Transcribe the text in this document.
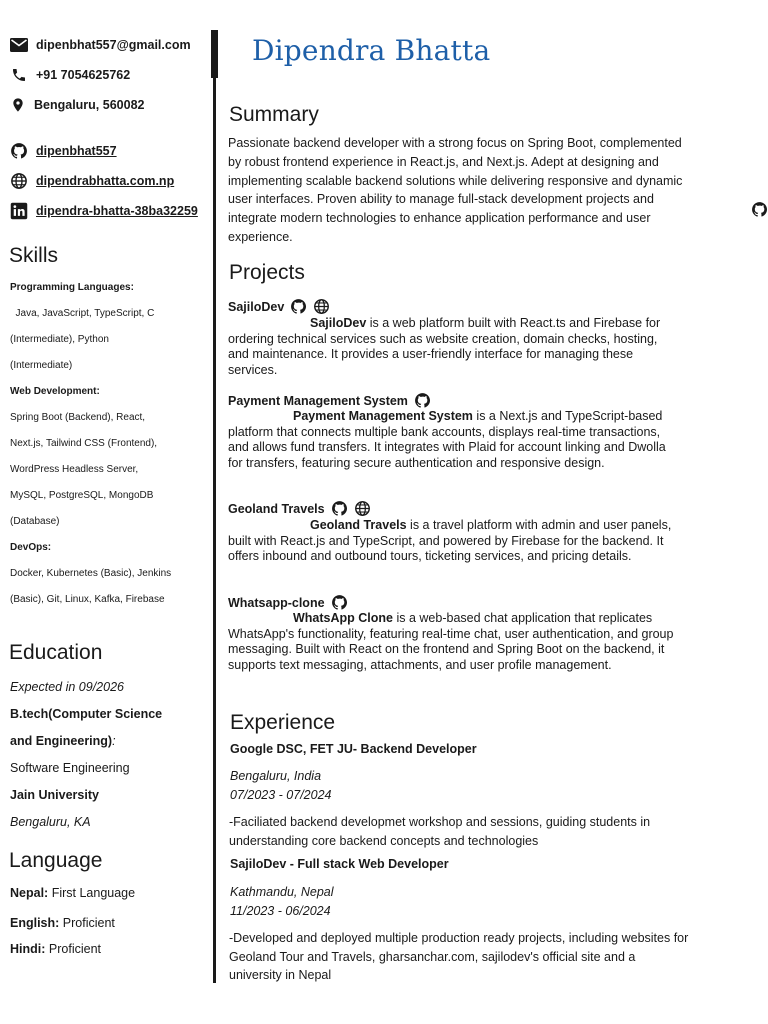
dipenbhat557@gmail.com
+91 7054625762
Bengaluru, 560082
dipenbhat557
dipendrabhatta.com.np
dipendra-bhatta-38ba32259
Skills
Programming Languages:
Java, JavaScript, TypeScript, C
(Intermediate), Python
(Intermediate)
Web Development:
Spring Boot (Backend), React,
Next.js, Tailwind CSS (Frontend),
WordPress Headless Server,
MySQL, PostgreSQL, MongoDB
(Database)
DevOps:
Docker, Kubernetes (Basic), Jenkins
(Basic), Git, Linux, Kafka, Firebase
Education
Expected in 09/2026
B.tech(Computer Science
and Engineering):
Software Engineering
Jain University
Bengaluru, KA
Language
Nepal: First Language
English: Proficient
Hindi: Proficient
Dipendra Bhatta
Summary
Passionate backend developer with a strong focus on Spring Boot, complemented by robust frontend experience in React.js, and Next.js. Adept at designing and implementing scalable backend solutions while delivering responsive and dynamic user interfaces. Proven ability to manage full-stack development projects and integrate modern technologies to enhance application performance and user experience.
Projects
SajiloDev
SajiloDev is a web platform built with React.ts and Firebase for ordering technical services such as website creation, domain checks, hosting, and maintenance. It provides a user-friendly interface for managing these services.
Payment Management System
Payment Management System is a Next.js and TypeScript-based platform that connects multiple bank accounts, displays real-time transactions, and allows fund transfers. It integrates with Plaid for account linking and Dwolla for transfers, featuring secure authentication and responsive design.
Geoland Travels
Geoland Travels is a travel platform with admin and user panels, built with React.js and TypeScript, and powered by Firebase for the backend. It offers inbound and outbound tours, ticketing services, and pricing details.
Whatsapp-clone
WhatsApp Clone is a web-based chat application that replicates WhatsApp's functionality, featuring real-time chat, user authentication, and group messaging. Built with React on the frontend and Spring Boot on the backend, it supports text messaging, attachments, and user profile management.
Experience
Google DSC, FET JU- Backend Developer
Bengaluru, India
07/2023 - 07/2024
-Faciliated backend developmet workshop and sessions, guiding students in understanding core backend concepts and technologies
SajiloDev - Full stack Web Developer
Kathmandu, Nepal
11/2023 - 06/2024
-Developed and deployed multiple production ready projects, including websites for Geoland Tour and Travels, gharsanchar.com, sajilodev's official site and a university in Nepal
